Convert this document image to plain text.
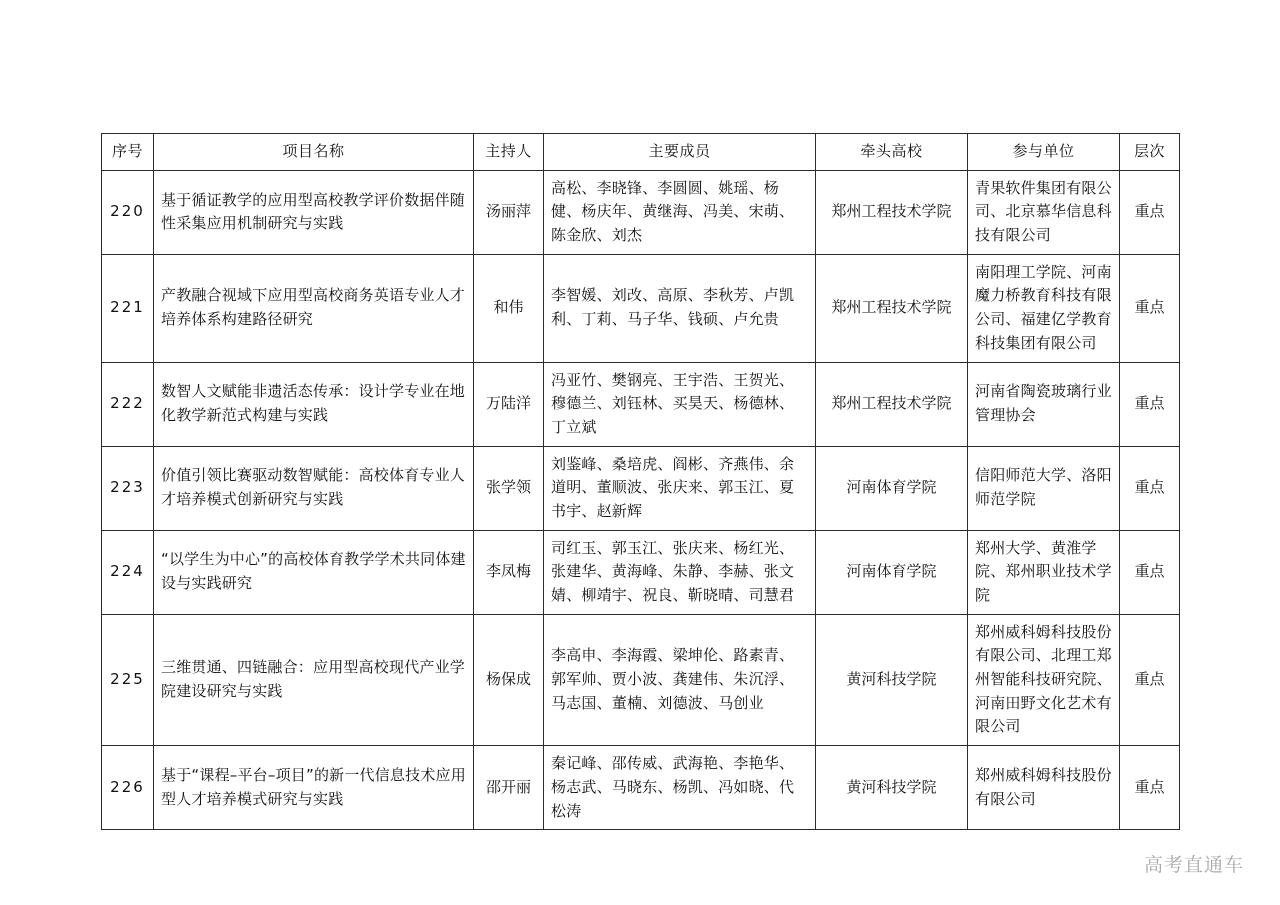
序号	项目名称	主持人	主要成员	牵头高校	参与单位	层次
220	基于循证教学的应用型高校教学评价数据伴随性采集应用机制研究与实践	汤丽萍	高松、李晓锋、李圆圆、姚瑶、杨健、杨庆年、黄继海、冯美、宋萌、陈金欣、刘杰	郑州工程技术学院	青果软件集团有限公司、北京慕华信息科技有限公司	重点
221	产教融合视域下应用型高校商务英语专业人才培养体系构建路径研究	和伟	李智媛、刘改、高原、李秋芳、卢凯利、丁莉、马子华、钱硕、卢允贵	郑州工程技术学院	南阳理工学院、河南魔力桥教育科技有限公司、福建亿学教育科技集团有限公司	重点
222	数智人文赋能非遗活态传承：设计学专业在地化教学新范式构建与实践	万陆洋	冯亚竹、樊钢亮、王宇浩、王贺光、穆德兰、刘钰林、买昊天、杨德林、丁立斌	郑州工程技术学院	河南省陶瓷玻璃行业管理协会	重点
223	价值引领比赛驱动数智赋能：高校体育专业人才培养模式创新研究与实践	张学领	刘鉴峰、桑培虎、阎彬、齐燕伟、余道明、董顺波、张庆来、郭玉江、夏书宇、赵新辉	河南体育学院	信阳师范大学、洛阳师范学院	重点
224	“以学生为中心”的高校体育教学学术共同体建设与实践研究	李凤梅	司红玉、郭玉江、张庆来、杨红光、张建华、黄海峰、朱静、李赫、张文婧、柳靖宇、祝良、靳晓晴、司慧君	河南体育学院	郑州大学、黄淮学院、郑州职业技术学院	重点
225	三维贯通、四链融合：应用型高校现代产业学院建设研究与实践	杨保成	李高申、李海霞、梁坤伦、路素青、郭军帅、贾小波、龚建伟、朱沉浮、马志国、董楠、刘德波、马创业	黄河科技学院	郑州威科姆科技股份有限公司、北理工郑州智能科技研究院、河南田野文化艺术有限公司	重点
226	基于“课程–平台–项目”的新一代信息技术应用型人才培养模式研究与实践	邵开丽	秦记峰、邵传威、武海艳、李艳华、杨志武、马晓东、杨凯、冯如晓、代松涛	黄河科技学院	郑州威科姆科技股份有限公司	重点
高考直通车
